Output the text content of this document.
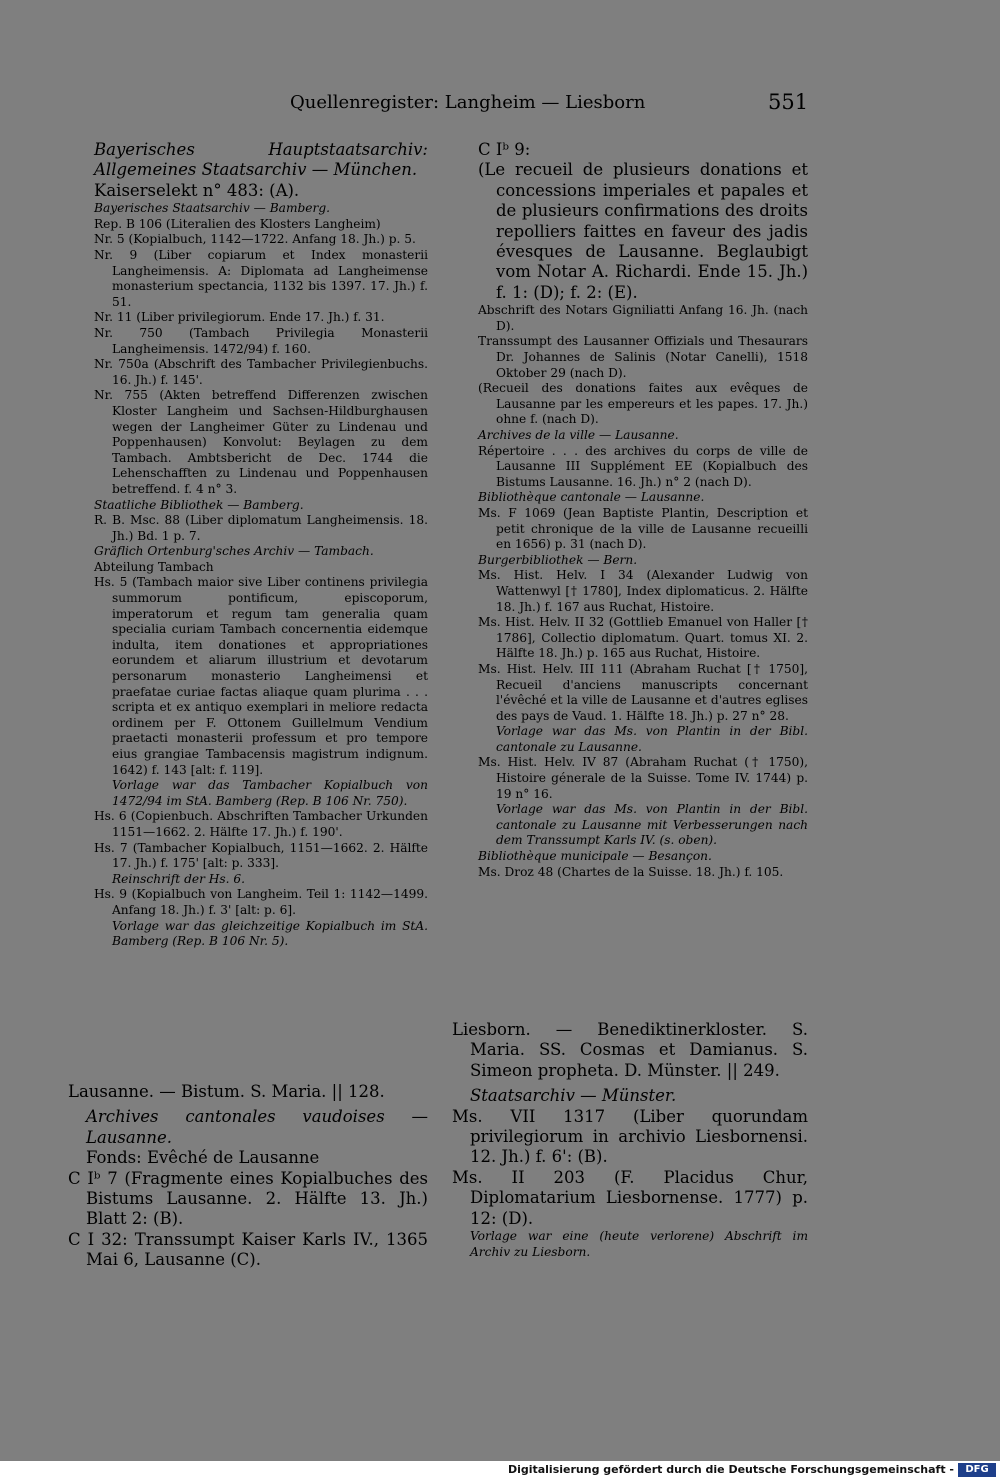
Quellenregister: Langheim — Liesborn	551
Bayerisches Hauptstaatsarchiv: Allgemeines Staatsarchiv — München.
Kaiserselekt n° 483: (A).
Bayerisches Staatsarchiv — Bamberg.
Rep. B 106 (Literalien des Klosters Langheim)
Nr. 5 (Kopialbuch, 1142—1722. Anfang 18. Jh.) p. 5.
Nr. 9 (Liber copiarum et Index monasterii Langheimensis. A: Diplomata ad Langheimense monasterium spectancia, 1132 bis 1397. 17. Jh.) f. 51.
Nr. 11 (Liber privilegiorum. Ende 17. Jh.) f. 31.
Nr. 750 (Tambach Privilegia Monasterii Langheimensis. 1472/94) f. 160.
Nr. 750a (Abschrift des Tambacher Privilegienbuchs. 16. Jh.) f. 145'.
Nr. 755 (Akten betreffend Differenzen zwischen Kloster Langheim und Sachsen-Hildburghausen wegen der Langheimer Güter zu Lindenau und Poppenhausen) Konvolut: Beylagen zu dem Tambach. Ambtsbericht de Dec. 1744 die Lehenschafften zu Lindenau und Poppenhausen betreffend. f. 4 n° 3.
Staatliche Bibliothek — Bamberg.
R. B. Msc. 88 (Liber diplomatum Langheimensis. 18. Jh.) Bd. 1 p. 7.
Gräflich Ortenburg'sches Archiv — Tambach.
Abteilung Tambach
Hs. 5 (Tambach maior sive Liber continens privilegia summorum pontificum, episcoporum, imperatorum et regum tam generalia quam specialia curiam Tambach concernentia eidemque indulta, item donationes et appropriationes eorundem et aliarum illustrium et devotarum personarum monasterio Langheimensi et praefatae curiae factas aliaque quam plurima . . . scripta et ex antiquo exemplari in meliore redacta ordinem per F. Ottonem Guillelmum Vendium praetacti monasterii professum et pro tempore eius grangiae Tambacensis magistrum indignum. 1642) f. 143 [alt: f. 119].
Vorlage war das Tambacher Kopialbuch von 1472/94 im StA. Bamberg (Rep. B 106 Nr. 750).
Hs. 6 (Copienbuch. Abschriften Tambacher Urkunden 1151—1662. 2. Hälfte 17. Jh.) f. 190'.
Hs. 7 (Tambacher Kopialbuch, 1151—1662. 2. Hälfte 17. Jh.) f. 175' [alt: p. 333].
Reinschrift der Hs. 6.
Hs. 9 (Kopialbuch von Langheim. Teil 1: 1142—1499. Anfang 18. Jh.) f. 3' [alt: p. 6].
Vorlage war das gleichzeitige Kopialbuch im StA. Bamberg (Rep. B 106 Nr. 5).
Lausanne. — Bistum. S. Maria. || 128.
Archives cantonales vaudoises — Lausanne.
Fonds: Evêché de Lausanne
C Iᵇ 7 (Fragmente eines Kopialbuches des Bistums Lausanne. 2. Hälfte 13. Jh.) Blatt 2: (B).
C I 32: Transsumpt Kaiser Karls IV., 1365 Mai 6, Lausanne (C).
C Iᵇ 9:
(Le recueil de plusieurs donations et concessions imperiales et papales et de plusieurs confirmations des droits repolliers faittes en faveur des jadis évesques de Lausanne. Beglaubigt vom Notar A. Richardi. Ende 15. Jh.) f. 1: (D); f. 2: (E).
Abschrift des Notars Gigniliatti Anfang 16. Jh. (nach D).
Transsumpt des Lausanner Offizials und Thesaurars Dr. Johannes de Salinis (Notar Canelli), 1518 Oktober 29 (nach D).
(Recueil des donations faites aux evêques de Lausanne par les empereurs et les papes. 17. Jh.) ohne f. (nach D).
Archives de la ville — Lausanne.
Répertoire . . . des archives du corps de ville de Lausanne III Supplément EE (Kopialbuch des Bistums Lausanne. 16. Jh.) n° 2 (nach D).
Bibliothèque cantonale — Lausanne.
Ms. F 1069 (Jean Baptiste Plantin, Description et petit chronique de la ville de Lausanne recueilli en 1656) p. 31 (nach D).
Burgerbibliothek — Bern.
Ms. Hist. Helv. I 34 (Alexander Ludwig von Wattenwyl [† 1780], Index diplomaticus. 2. Hälfte 18. Jh.) f. 167 aus Ruchat, Histoire.
Ms. Hist. Helv. II 32 (Gottlieb Emanuel von Haller [† 1786], Collectio diplomatum. Quart. tomus XI. 2. Hälfte 18. Jh.) p. 165 aus Ruchat, Histoire.
Ms. Hist. Helv. III 111 (Abraham Ruchat [† 1750], Recueil d'anciens manuscripts concernant l'évêché et la ville de Lausanne et d'autres eglises des pays de Vaud. 1. Hälfte 18. Jh.) p. 27 n° 28.
Vorlage war das Ms. von Plantin in der Bibl. cantonale zu Lausanne.
Ms. Hist. Helv. IV 87 (Abraham Ruchat († 1750), Histoire génerale de la Suisse. Tome IV. 1744) p. 19 n° 16.
Vorlage war das Ms. von Plantin in der Bibl. cantonale zu Lausanne mit Verbesserungen nach dem Transsumpt Karls IV. (s. oben).
Bibliothèque municipale — Besançon.
Ms. Droz 48 (Chartes de la Suisse. 18. Jh.) f. 105.
Liesborn. — Benediktinerkloster. S. Maria. SS. Cosmas et Damianus. S. Simeon propheta. D. Münster. || 249.
Staatsarchiv — Münster.
Ms. VII 1317 (Liber quorundam privilegiorum in archivio Liesbornensi. 12. Jh.) f. 6': (B).
Ms. II 203 (F. Placidus Chur, Diplomatarium Liesbornense. 1777) p. 12: (D).
Vorlage war eine (heute verlorene) Abschrift im Archiv zu Liesborn.
Digitalisierung gefördert durch die Deutsche Forschungsgemeinschaft -	DFG
